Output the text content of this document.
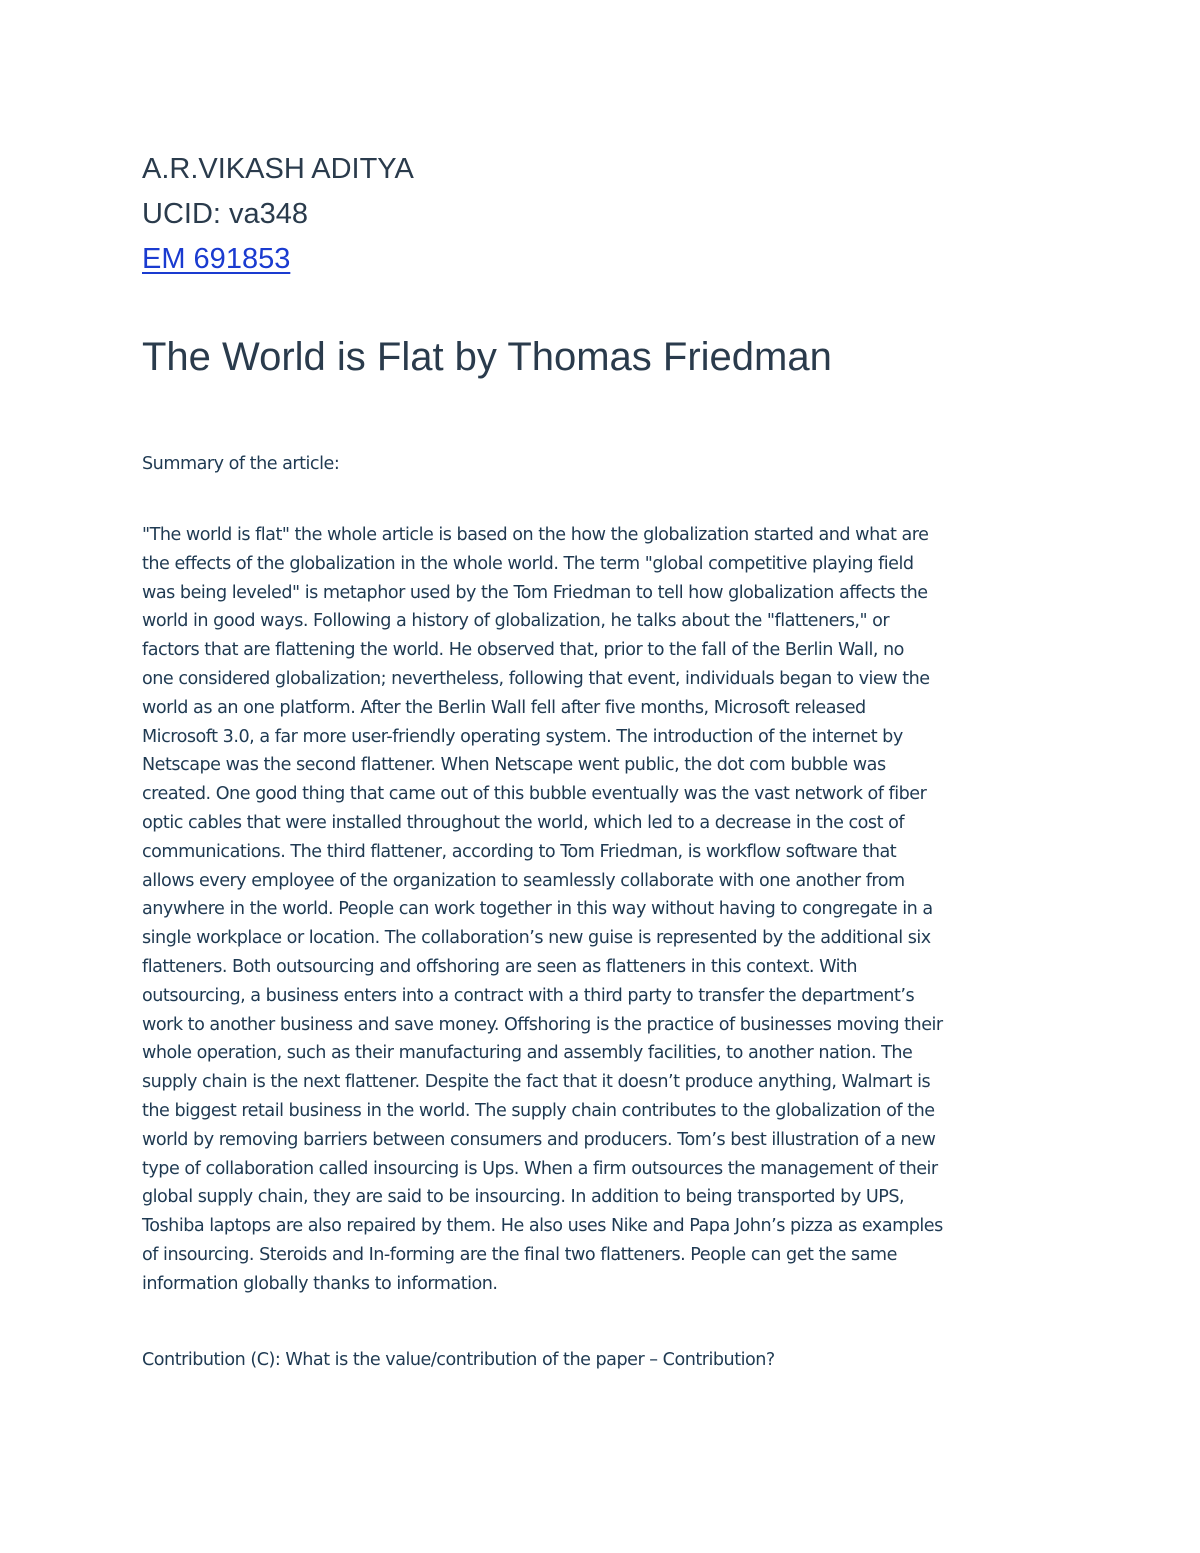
A.R.VIKASH ADITYA

UCID: va348

EM 691853

The World is Flat by Thomas Friedman

Summary of the article:

"The world is flat" the whole article is based on the how the globalization started and what are
the effects of the globalization in the whole world. The term "global competitive playing field
was being leveled" is metaphor used by the Tom Friedman to tell how globalization affects the
world in good ways. Following a history of globalization, he talks about the "flatteners," or
factors that are flattening the world. He observed that, prior to the fall of the Berlin Wall, no
one considered globalization; nevertheless, following that event, individuals began to view the
world as an one platform. After the Berlin Wall fell after five months, Microsoft released
Microsoft 3.0, a far more user-friendly operating system. The introduction of the internet by
Netscape was the second flattener. When Netscape went public, the dot com bubble was
created. One good thing that came out of this bubble eventually was the vast network of fiber
optic cables that were installed throughout the world, which led to a decrease in the cost of
communications. The third flattener, according to Tom Friedman, is workflow software that
allows every employee of the organization to seamlessly collaborate with one another from
anywhere in the world. People can work together in this way without having to congregate in a
single workplace or location. The collaboration’s new guise is represented by the additional six
flatteners. Both outsourcing and offshoring are seen as flatteners in this context. With
outsourcing, a business enters into a contract with a third party to transfer the department’s
work to another business and save money. Offshoring is the practice of businesses moving their
whole operation, such as their manufacturing and assembly facilities, to another nation. The
supply chain is the next flattener. Despite the fact that it doesn’t produce anything, Walmart is
the biggest retail business in the world. The supply chain contributes to the globalization of the
world by removing barriers between consumers and producers. Tom’s best illustration of a new
type of collaboration called insourcing is Ups. When a firm outsources the management of their
global supply chain, they are said to be insourcing. In addition to being transported by UPS,
Toshiba laptops are also repaired by them. He also uses Nike and Papa John’s pizza as examples
of insourcing. Steroids and In-forming are the final two flatteners. People can get the same
information globally thanks to information.

Contribution (C): What is the value/contribution of the paper – Contribution?
